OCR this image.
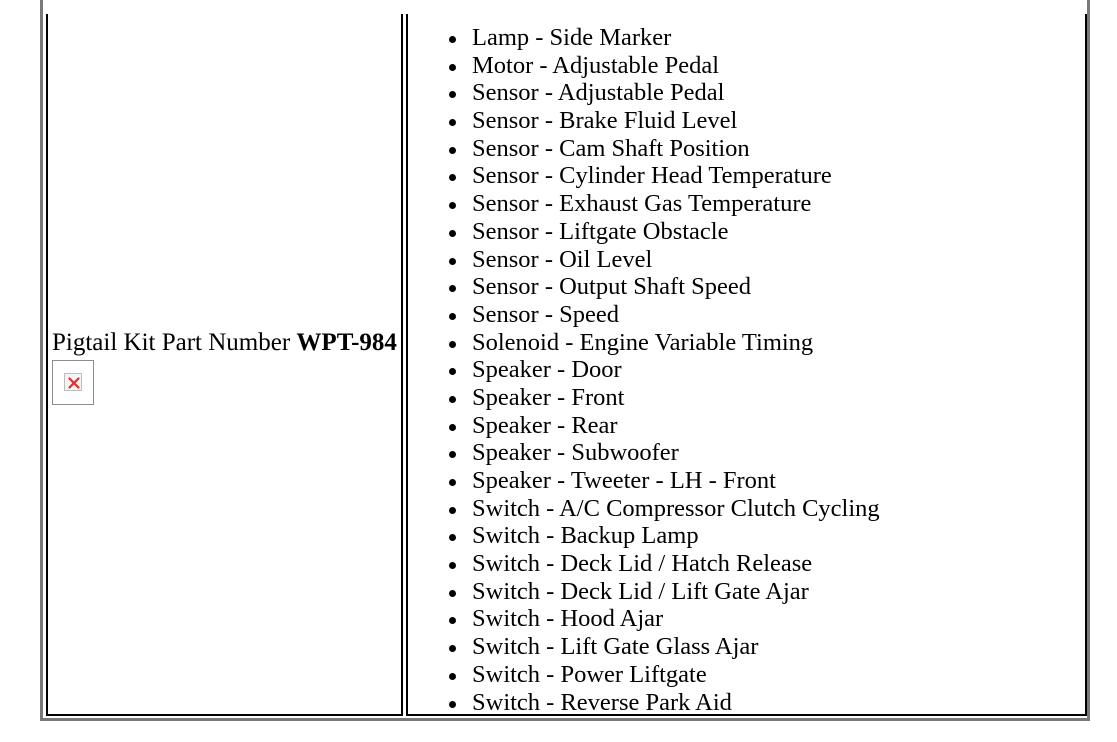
Pigtail Kit Part Number WPT-984

Lamp - Side Marker
Motor - Adjustable Pedal
Sensor - Adjustable Pedal
Sensor - Brake Fluid Level
Sensor - Cam Shaft Position
Sensor - Cylinder Head Temperature
Sensor - Exhaust Gas Temperature
Sensor - Liftgate Obstacle
Sensor - Oil Level
Sensor - Output Shaft Speed
Sensor - Speed
Solenoid - Engine Variable Timing
Speaker - Door
Speaker - Front
Speaker - Rear
Speaker - Subwoofer
Speaker - Tweeter - LH - Front
Switch - A/C Compressor Clutch Cycling
Switch - Backup Lamp
Switch - Deck Lid / Hatch Release
Switch - Deck Lid / Lift Gate Ajar
Switch - Hood Ajar
Switch - Lift Gate Glass Ajar
Switch - Power Liftgate
Switch - Reverse Park Aid
